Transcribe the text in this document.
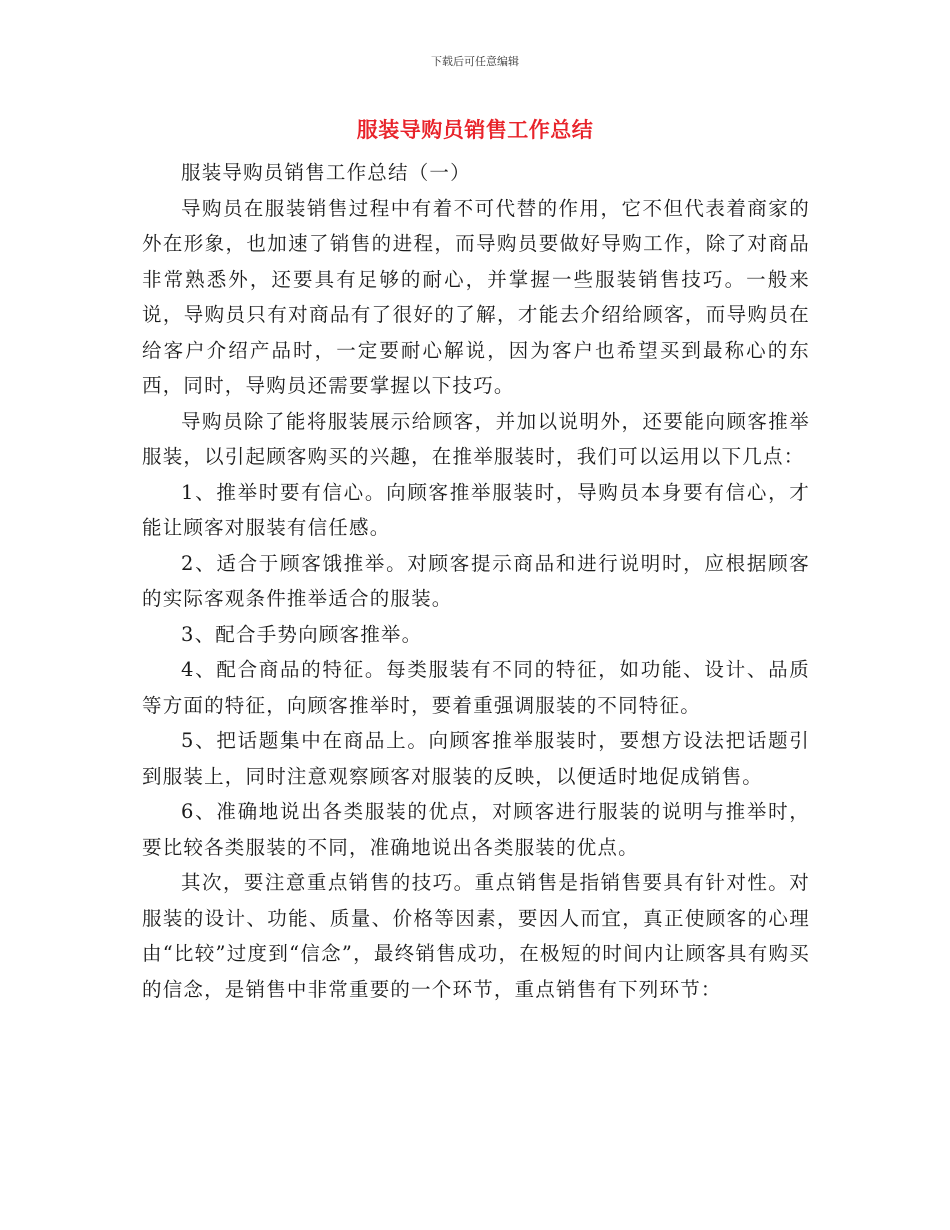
下载后可任意编辑
服装导购员销售工作总结

服装导购员销售工作总结（一）

导购员在服装销售过程中有着不可代替的作用，它不但代表着商家的外在形象，也加速了销售的进程，而导购员要做好导购工作，除了对商品非常熟悉外，还要具有足够的耐心，并掌握一些服装销售技巧。一般来说，导购员只有对商品有了很好的了解，才能去介绍给顾客，而导购员在给客户介绍产品时，一定要耐心解说，因为客户也希望买到最称心的东西，同时，导购员还需要掌握以下技巧。

导购员除了能将服装展示给顾客，并加以说明外，还要能向顾客推举服装，以引起顾客购买的兴趣，在推举服装时，我们可以运用以下几点：

1、推举时要有信心。向顾客推举服装时，导购员本身要有信心，才能让顾客对服装有信任感。

2、适合于顾客饿推举。对顾客提示商品和进行说明时，应根据顾客的实际客观条件推举适合的服装。

3、配合手势向顾客推举。

4、配合商品的特征。每类服装有不同的特征，如功能、设计、品质等方面的特征，向顾客推举时，要着重强调服装的不同特征。

5、把话题集中在商品上。向顾客推举服装时，要想方设法把话题引到服装上，同时注意观察顾客对服装的反映，以便适时地促成销售。

6、准确地说出各类服装的优点，对顾客进行服装的说明与推举时，要比较各类服装的不同，准确地说出各类服装的优点。

其次，要注意重点销售的技巧。重点销售是指销售要具有针对性。对服装的设计、功能、质量、价格等因素，要因人而宜，真正使顾客的心理由“比较”过度到“信念”，最终销售成功，在极短的时间内让顾客具有购买的信念，是销售中非常重要的一个环节，重点销售有下列环节：
